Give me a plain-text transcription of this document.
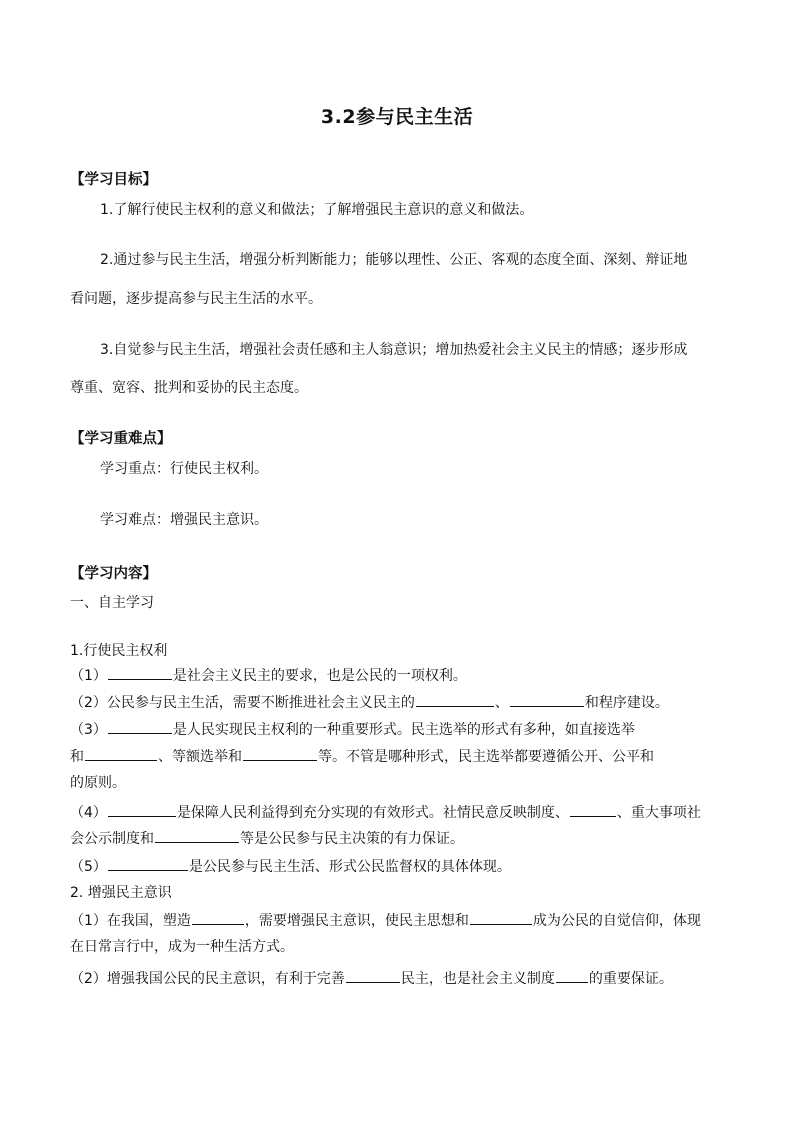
3.2参与民主生活
【学习目标】
1.了解行使民主权利的意义和做法；了解增强民主意识的意义和做法。
2.通过参与民主生活，增强分析判断能力；能够以理性、公正、客观的态度全面、深刻、辩证地
看问题，逐步提高参与民主生活的水平。
3.自觉参与民主生活，增强社会责任感和主人翁意识；增加热爱社会主义民主的情感；逐步形成
尊重、宽容、批判和妥协的民主态度。
【学习重难点】
学习重点：行使民主权利。
学习难点：增强民主意识。
【学习内容】
一、自主学习
1.行使民主权利
（1）	是社会主义民主的要求，也是公民的一项权利。
（2）公民参与民主生活，需要不断推进社会主义民主的	、	和程序建设。
（3）	是人民实现民主权利的一种重要形式。民主选举的形式有多种，如直接选举
和	、等额选举和	等。不管是哪种形式，民主选举都要遵循公开、公平和
的原则。
（4）	是保障人民利益得到充分实现的有效形式。社情民意反映制度、	、重大事项社
会公示制度和	等是公民参与民主决策的有力保证。
（5）	是公民参与民主生活、形式公民监督权的具体体现。
2. 增强民主意识
（1）在我国，塑造	，需要增强民主意识，使民主思想和	成为公民的自觉信仰，体现
在日常言行中，成为一种生活方式。
（2）增强我国公民的民主意识，有利于完善	民主，也是社会主义制度 的重要保证。
